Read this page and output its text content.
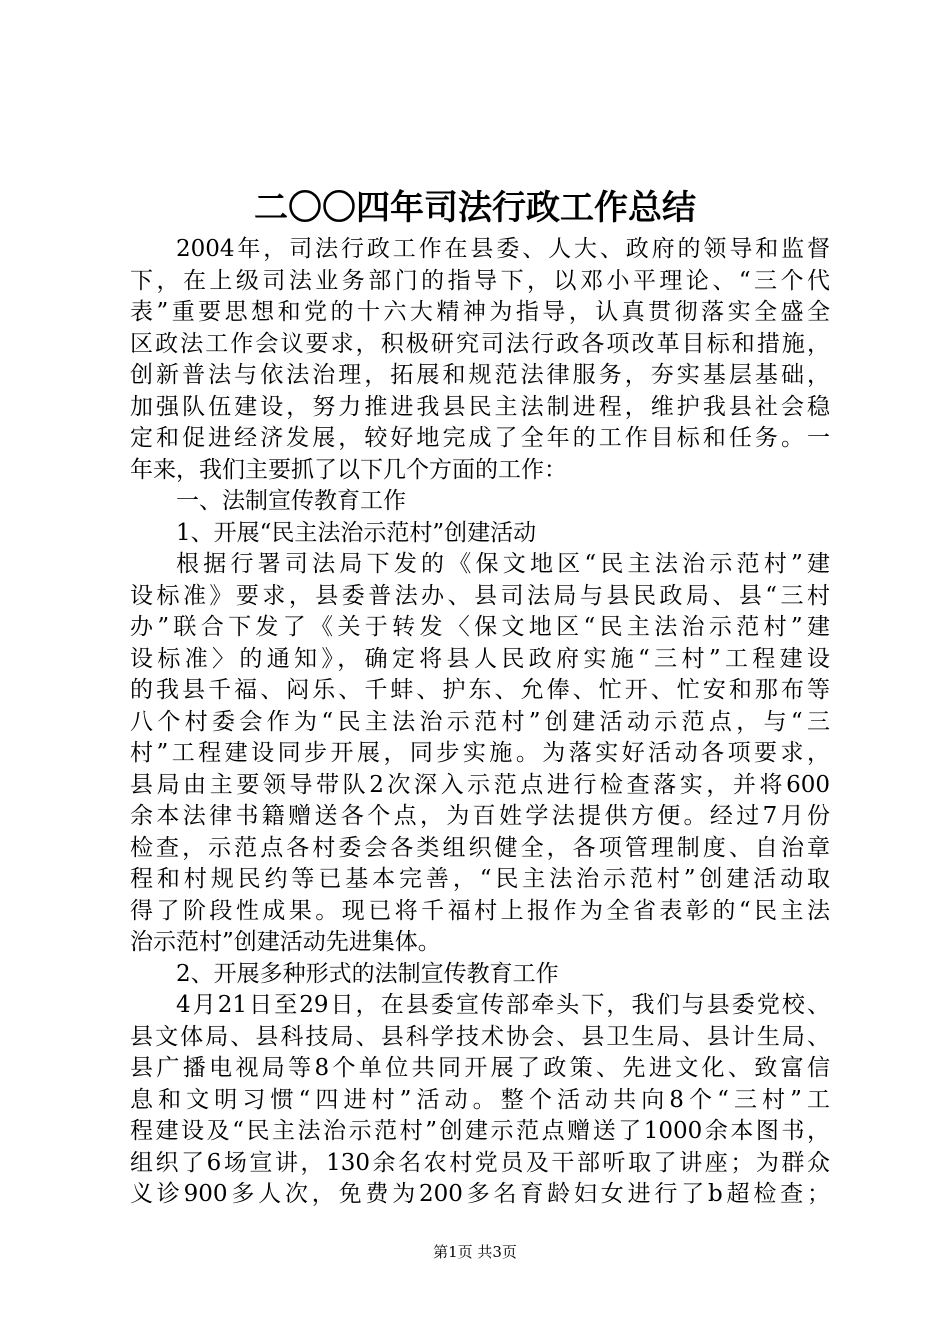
二〇〇四年司法行政工作总结
2004年，司法行政工作在县委、人大、政府的领导和监督
下，在上级司法业务部门的指导下，以邓小平理论、“三个代
表”重要思想和党的十六大精神为指导，认真贯彻落实全盛全
区政法工作会议要求，积极研究司法行政各项改革目标和措施，
创新普法与依法治理，拓展和规范法律服务，夯实基层基础，
加强队伍建设，努力推进我县民主法制进程，维护我县社会稳
定和促进经济发展，较好地完成了全年的工作目标和任务。一
年来，我们主要抓了以下几个方面的工作：
一、法制宣传教育工作
1、开展“民主法治示范村”创建活动
根据行署司法局下发的《保文地区“民主法治示范村”建
设标准》要求，县委普法办、县司法局与县民政局、县“三村
办”联合下发了《关于转发〈保文地区“民主法治示范村”建
设标准〉的通知》，确定将县人民政府实施“三村”工程建设
的我县千福、闷乐、千蚌、护东、允俸、忙开、忙安和那布等
八个村委会作为“民主法治示范村”创建活动示范点，与“三
村”工程建设同步开展，同步实施。为落实好活动各项要求，
县局由主要领导带队2次深入示范点进行检查落实，并将600
余本法律书籍赠送各个点，为百姓学法提供方便。经过7月份
检查，示范点各村委会各类组织健全，各项管理制度、自治章
程和村规民约等已基本完善，“民主法治示范村”创建活动取
得了阶段性成果。现已将千福村上报作为全省表彰的“民主法
治示范村”创建活动先进集体。
2、开展多种形式的法制宣传教育工作
4月21日至29日，在县委宣传部牵头下，我们与县委党校、
县文体局、县科技局、县科学技术协会、县卫生局、县计生局、
县广播电视局等8个单位共同开展了政策、先进文化、致富信
息和文明习惯“四进村”活动。整个活动共向8个“三村”工
程建设及“民主法治示范村”创建示范点赠送了1000余本图书，
组织了6场宣讲，130余名农村党员及干部听取了讲座；为群众
义诊900多人次，免费为200多名育龄妇女进行了b超检查；
第1页 共3页
